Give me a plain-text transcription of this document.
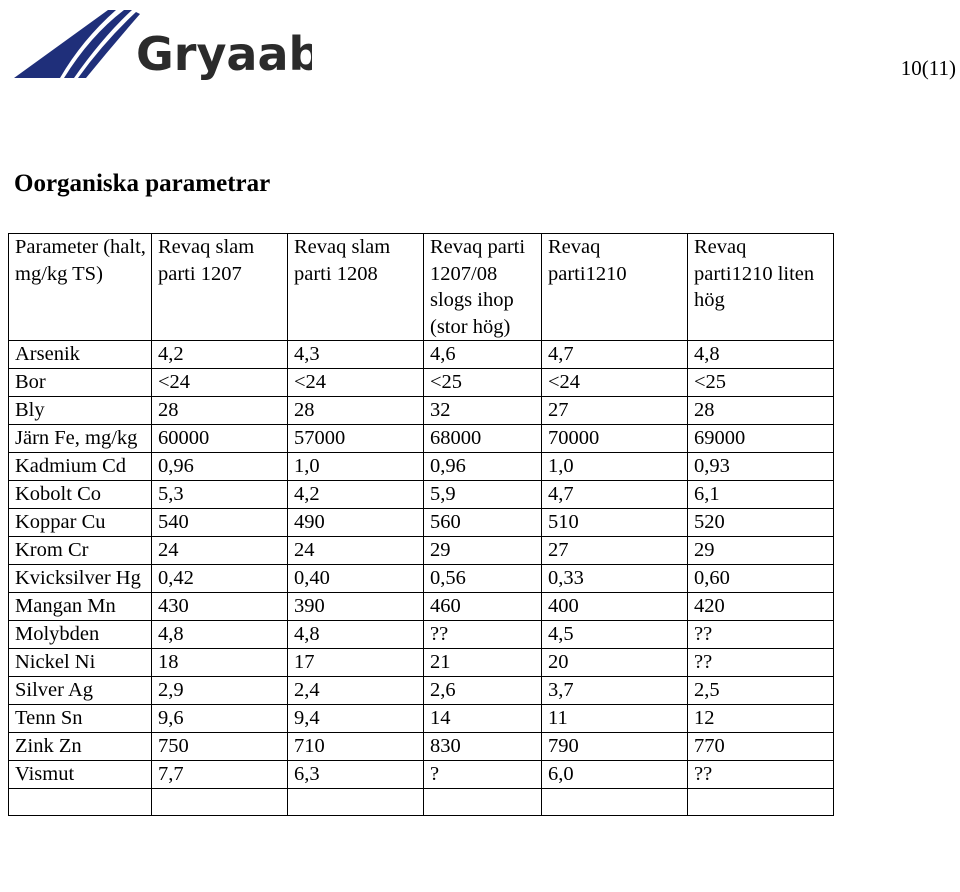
Gryaab	10(11)
Oorganiska parametrar
Parameter (halt, mg/kg TS)	Revaq slam parti 1207	Revaq slam parti 1208	Revaq parti 1207/08 slogs ihop (stor hög)	Revaq parti1210	Revaq parti1210 liten hög
Arsenik	4,2	4,3	4,6	4,7	4,8
Bor	<24	<24	<25	<24	<25
Bly	28	28	32	27	28
Järn Fe, mg/kg	60000	57000	68000	70000	69000
Kadmium Cd	0,96	1,0	0,96	1,0	0,93
Kobolt Co	5,3	4,2	5,9	4,7	6,1
Koppar Cu	540	490	560	510	520
Krom Cr	24	24	29	27	29
Kvicksilver Hg	0,42	0,40	0,56	0,33	0,60
Mangan Mn	430	390	460	400	420
Molybden	4,8	4,8	??	4,5	??
Nickel Ni	18	17	21	20	??
Silver Ag	2,9	2,4	2,6	3,7	2,5
Tenn Sn	9,6	9,4	14	11	12
Zink Zn	750	710	830	790	770
Vismut	7,7	6,3	?	6,0	??
